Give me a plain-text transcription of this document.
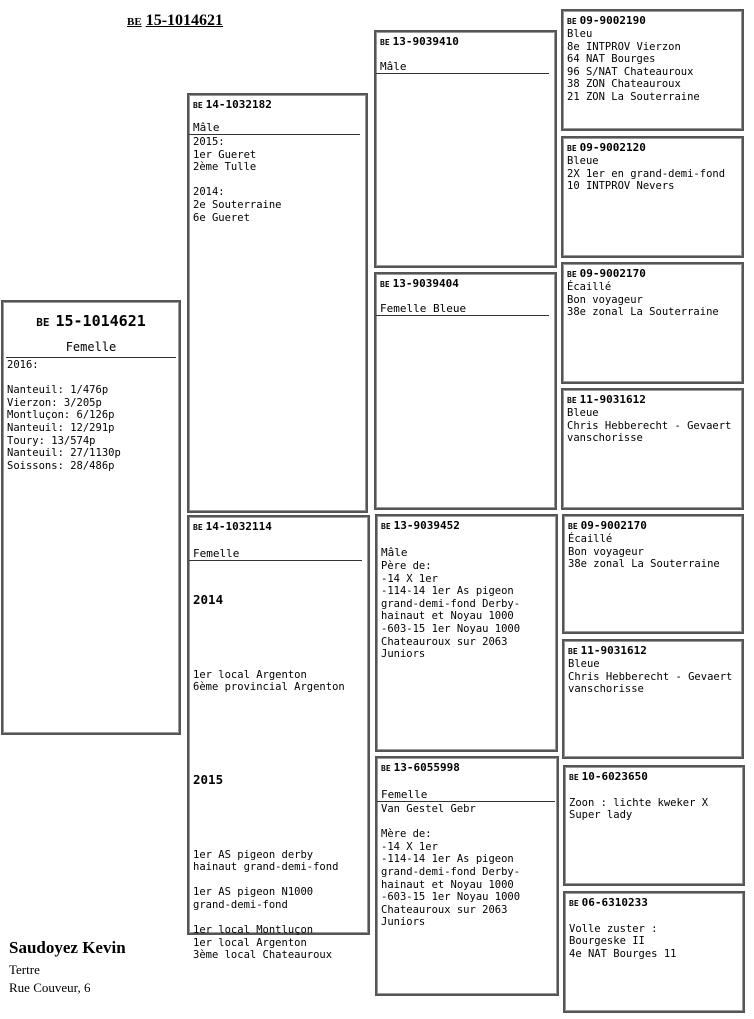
BE 15-1014621
BE 15-1014621
Femelle
2016:

Nanteuil: 1/476p
Vierzon: 3/205p
Montluçon: 6/126p
Nanteuil: 12/291p
Toury: 13/574p
Nanteuil: 27/1130p
Soissons: 28/486p
BE 14-1032182
Mâle
2015:
1er Gueret
2ème Tulle

2014:
2e Souterraine
6e Gueret
BE 14-1032114
Femelle

2014

1er local Argenton
6ème provincial Argenton

2015

1er AS pigeon derby
hainaut grand-demi-fond

1er AS pigeon N1000
grand-demi-fond

1er local Montluçon
1er local Argenton
3ème local Chateauroux

BE 13-9039410
Mâle
BE 13-9039404
Femelle Bleue
BE 13-9039452
Mâle
Père de:
-14 X 1er
-114-14 1er As pigeon
grand-demi-fond Derby-
hainaut et Noyau 1000
-603-15 1er Noyau 1000
Chateauroux sur 2063
Juniors
BE 13-6055998
Femelle
Van Gestel Gebr

Mère de:
-14 X 1er
-114-14 1er As pigeon
grand-demi-fond Derby-
hainaut et Noyau 1000
-603-15 1er Noyau 1000
Chateauroux sur 2063
Juniors
BE 09-9002190
Bleu
8e INTPROV Vierzon
64 NAT Bourges
96 S/NAT Chateauroux
38 ZON Chateauroux
21 ZON La Souterraine
BE 09-9002120
Bleue
2X 1er en grand-demi-fond
10 INTPROV Nevers
BE 09-9002170
Écaillé
Bon voyageur
38e zonal La Souterraine
BE 11-9031612
Bleue
Chris Hebberecht - Gevaert
vanschorisse
BE 09-9002170
Écaillé
Bon voyageur
38e zonal La Souterraine
BE 11-9031612
Bleue
Chris Hebberecht - Gevaert
vanschorisse
BE 10-6023650

Zoon : lichte kweker X
Super lady
BE 06-6310233

Volle zuster :
Bourgeske II
4e NAT Bourges 11
Saudoyez Kevin
Tertre
Rue Couveur, 6
